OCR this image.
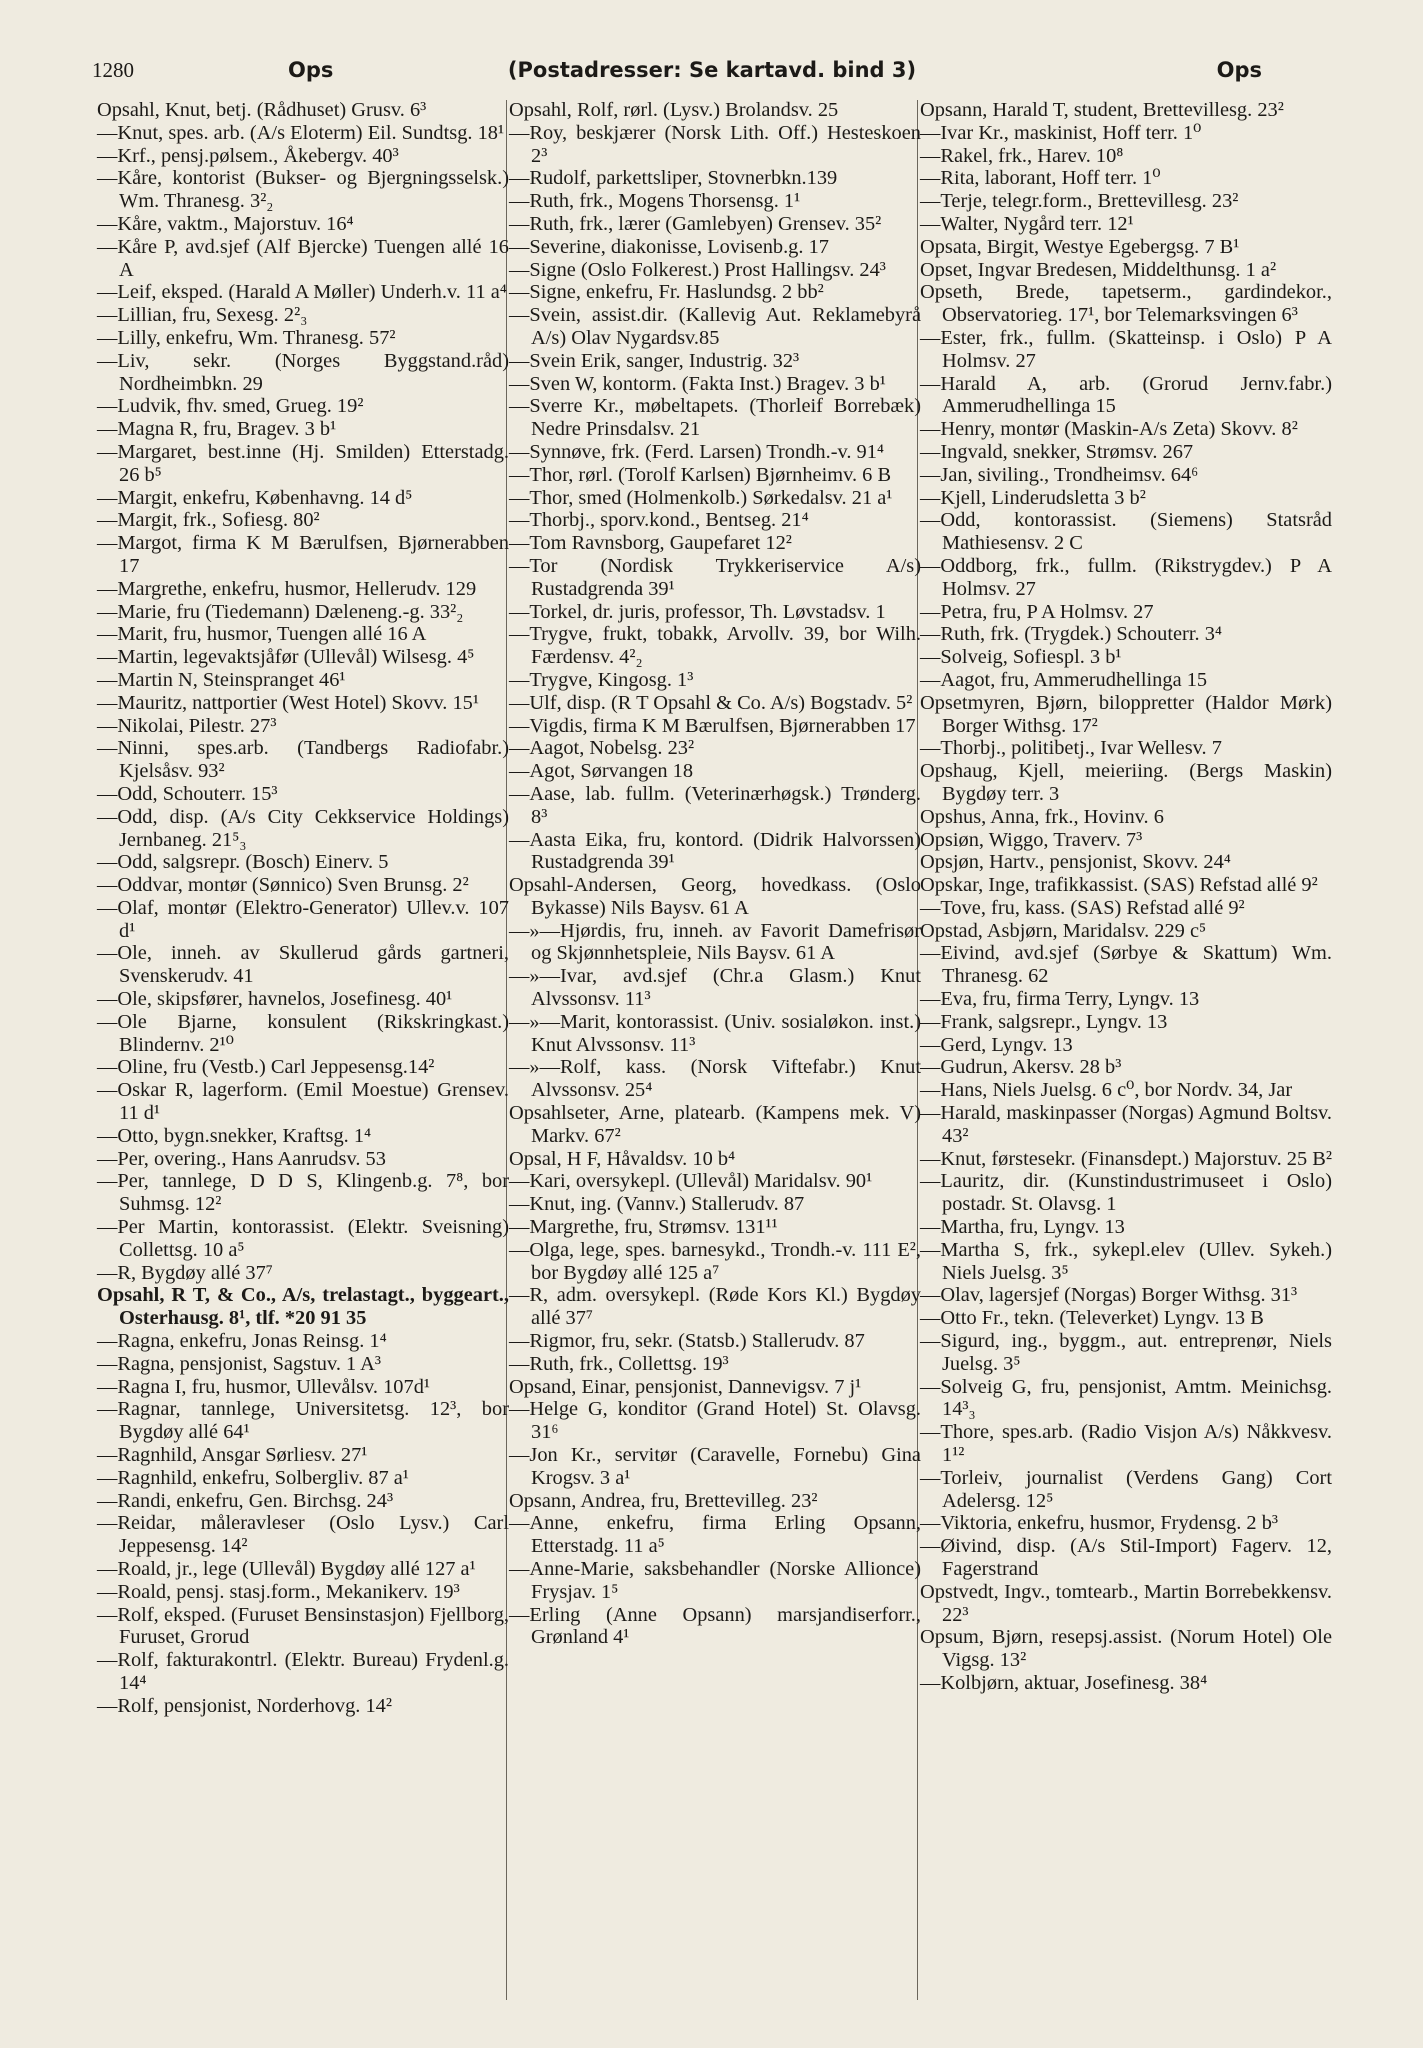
1280	Ops	(Postadresser: Se kartavd. bind 3)	Ops

Opsahl, Knut, betj. (Rådhuset) Grusv. 6³

—Knut, spes. arb. (A/s Eloterm) Eil. Sundtsg. 18¹

—Krf., pensj.pølsem., Åkebergv. 40³

—Kåre, kontorist (Bukser- og Bjergningsselsk.) Wm. Thranesg. 3²₂

—Kåre, vaktm., Majorstuv. 16⁴

—Kåre P, avd.sjef (Alf Bjercke) Tuengen allé 16 A

—Leif, eksped. (Harald A Møller) Underh.v. 11 a⁴

—Lillian, fru, Sexesg. 2²₃

—Lilly, enkefru, Wm. Thranesg. 57²

—Liv, sekr. (Norges Byggstand.råd) Nordheimbkn. 29

—Ludvik, fhv. smed, Grueg. 19²

—Magna R, fru, Bragev. 3 b¹

—Margaret, best.inne (Hj. Smilden) Etterstadg. 26 b⁵

—Margit, enkefru, Københavng. 14 d⁵

—Margit, frk., Sofiesg. 80²

—Margot, firma K M Bærulfsen, Bjørnerabben 17

—Margrethe, enkefru, husmor, Hellerudv. 129

—Marie, fru (Tiedemann) Dæleneng.-g. 33²₂

—Marit, fru, husmor, Tuengen allé 16 A

—Martin, legevaktsjåfør (Ullevål) Wilsesg. 4⁵

—Martin N, Steinspranget 46¹

—Mauritz, nattportier (West Hotel) Skovv. 15¹

—Nikolai, Pilestr. 27³

—Ninni, spes.arb. (Tandbergs Radiofabr.) Kjelsåsv. 93²

—Odd, Schouterr. 15³

—Odd, disp. (A/s City Cekkservice Holdings) Jernbaneg. 21⁵₃

—Odd, salgsrepr. (Bosch) Einerv. 5

—Oddvar, montør (Sønnico) Sven Brunsg. 2²

—Olaf, montør (Elektro-Generator) Ullev.v. 107 d¹

—Ole, inneh. av Skullerud gårds gartneri, Svenskerudv. 41

—Ole, skipsfører, havnelos, Josefinesg. 40¹

—Ole Bjarne, konsulent (Rikskringkast.) Blindernv. 2¹⁰

—Oline, fru (Vestb.) Carl Jeppesensg.14²

—Oskar R, lagerform. (Emil Moestue) Grensev. 11 d¹

—Otto, bygn.snekker, Kraftsg. 1⁴

—Per, overing., Hans Aanrudsv. 53

—Per, tannlege, D D S, Klingenb.g. 7⁸, bor Suhmsg. 12²

—Per Martin, kontorassist. (Elektr. Sveisning) Collettsg. 10 a⁵

—R, Bygdøy allé 37⁷

Opsahl, R T, & Co., A/s, trelastagt., byggeart., Osterhausg. 8¹, tlf. *20 91 35

—Ragna, enkefru, Jonas Reinsg. 1⁴

—Ragna, pensjonist, Sagstuv. 1 A³

—Ragna I, fru, husmor, Ullevålsv. 107d¹

—Ragnar, tannlege, Universitetsg. 12³, bor Bygdøy allé 64¹

—Ragnhild, Ansgar Sørliesv. 27¹

—Ragnhild, enkefru, Solbergliv. 87 a¹

—Randi, enkefru, Gen. Birchsg. 24³

—Reidar, måleravleser (Oslo Lysv.) Carl Jeppesensg. 14²

—Roald, jr., lege (Ullevål) Bygdøy allé 127 a¹

—Roald, pensj. stasj.form., Mekanikerv. 19³

—Rolf, eksped. (Furuset Bensinstasjon) Fjellborg, Furuset, Grorud

—Rolf, fakturakontrl. (Elektr. Bureau) Frydenl.g. 14⁴

—Rolf, pensjonist, Norderhovg. 14²

Opsahl, Rolf, rørl. (Lysv.) Brolandsv. 25

—Roy, beskjærer (Norsk Lith. Off.) Hesteskoen 2³

—Rudolf, parkettsliper, Stovnerbkn.139

—Ruth, frk., Mogens Thorsensg. 1¹

—Ruth, frk., lærer (Gamlebyen) Grensev. 35²

—Severine, diakonisse, Lovisenb.g. 17

—Signe (Oslo Folkerest.) Prost Hallingsv. 24³

—Signe, enkefru, Fr. Haslundsg. 2 bb²

—Svein, assist.dir. (Kallevig Aut. Reklamebyrå A/s) Olav Nygardsv.85

—Svein Erik, sanger, Industrig. 32³

—Sven W, kontorm. (Fakta Inst.) Bragev. 3 b¹

—Sverre Kr., møbeltapets. (Thorleif Borrebæk) Nedre Prinsdalsv. 21

—Synnøve, frk. (Ferd. Larsen) Trondh.-v. 91⁴

—Thor, rørl. (Torolf Karlsen) Bjørnheimv. 6 B

—Thor, smed (Holmenkolb.) Sørkedalsv. 21 a¹

—Thorbj., sporv.kond., Bentseg. 21⁴

—Tom Ravnsborg, Gaupefaret 12²

—Tor (Nordisk Trykkeriservice A/s) Rustadgrenda 39¹

—Torkel, dr. juris, professor, Th. Løvstadsv. 1

—Trygve, frukt, tobakk, Arvollv. 39, bor Wilh. Færdensv. 4²₂

—Trygve, Kingosg. 1³

—Ulf, disp. (R T Opsahl & Co. A/s) Bogstadv. 5²

—Vigdis, firma K M Bærulfsen, Bjørnerabben 17

—Aagot, Nobelsg. 23²

—Agot, Sørvangen 18

—Aase, lab. fullm. (Veterinærhøgsk.) Trønderg. 8³

—Aasta Eika, fru, kontord. (Didrik Halvorssen) Rustadgrenda 39¹

Opsahl-Andersen, Georg, hovedkass. (Oslo Bykasse) Nils Baysv. 61 A

—»—Hjørdis, fru, inneh. av Favorit Damefrisør og Skjønnhetspleie, Nils Baysv. 61 A

—»—Ivar, avd.sjef (Chr.a Glasm.) Knut Alvssonsv. 11³

—»—Marit, kontorassist. (Univ. sosialøkon. inst.) Knut Alvssonsv. 11³

—»—Rolf, kass. (Norsk Viftefabr.) Knut Alvssonsv. 25⁴

Opsahlseter, Arne, platearb. (Kampens mek. V) Markv. 67²

Opsal, H F, Håvaldsv. 10 b⁴

—Kari, oversykepl. (Ullevål) Maridalsv. 90¹

—Knut, ing. (Vannv.) Stallerudv. 87

—Margrethe, fru, Strømsv. 131¹¹

—Olga, lege, spes. barnesykd., Trondh.-v. 111 E², bor Bygdøy allé 125 a⁷

—R, adm. oversykepl. (Røde Kors Kl.) Bygdøy allé 37⁷

—Rigmor, fru, sekr. (Statsb.) Stallerudv. 87

—Ruth, frk., Collettsg. 19³

Opsand, Einar, pensjonist, Dannevigsv. 7 j¹

—Helge G, konditor (Grand Hotel) St. Olavsg. 31⁶

—Jon Kr., servitør (Caravelle, Fornebu) Gina Krogsv. 3 a¹

Opsann, Andrea, fru, Brettevilleg. 23²

—Anne, enkefru, firma Erling Opsann, Etterstadg. 11 a⁵

—Anne-Marie, saksbehandler (Norske Allionce) Frysjav. 1⁵

—Erling (Anne Opsann) marsjandiserforr., Grønland 4¹

Opsann, Harald T, student, Brettevillesg. 23²

—Ivar Kr., maskinist, Hoff terr. 1⁰

—Rakel, frk., Harev. 10⁸

—Rita, laborant, Hoff terr. 1⁰

—Terje, telegr.form., Brettevillesg. 23²

—Walter, Nygård terr. 12¹

Opsata, Birgit, Westye Egebergsg. 7 B¹

Opset, Ingvar Bredesen, Middelthunsg. 1 a²

Opseth, Brede, tapetserm., gardindekor., Observatorieg. 17¹, bor Telemarksvingen 6³

—Ester, frk., fullm. (Skatteinsp. i Oslo) P A Holmsv. 27

—Harald A, arb. (Grorud Jernv.fabr.) Ammerudhellinga 15

—Henry, montør (Maskin-A/s Zeta) Skovv. 8²

—Ingvald, snekker, Strømsv. 267

—Jan, siviling., Trondheimsv. 64⁶

—Kjell, Linderudsletta 3 b²

—Odd, kontorassist. (Siemens) Statsråd Mathiesensv. 2 C

—Oddborg, frk., fullm. (Rikstrygdev.) P A Holmsv. 27

—Petra, fru, P A Holmsv. 27

—Ruth, frk. (Trygdek.) Schouterr. 3⁴

—Solveig, Sofiespl. 3 b¹

—Aagot, fru, Ammerudhellinga 15

Opsetmyren, Bjørn, biloppretter (Haldor Mørk) Borger Withsg. 17²

—Thorbj., politibetj., Ivar Wellesv. 7

Opshaug, Kjell, meieriing. (Bergs Maskin) Bygdøy terr. 3

Opshus, Anna, frk., Hovinv. 6

Opsiøn, Wiggo, Traverv. 7³

Opsjøn, Hartv., pensjonist, Skovv. 24⁴

Opskar, Inge, trafikkassist. (SAS) Refstad allé 9²

—Tove, fru, kass. (SAS) Refstad allé 9²

Opstad, Asbjørn, Maridalsv. 229 c⁵

—Eivind, avd.sjef (Sørbye & Skattum) Wm. Thranesg. 62

—Eva, fru, firma Terry, Lyngv. 13

—Frank, salgsrepr., Lyngv. 13

—Gerd, Lyngv. 13

—Gudrun, Akersv. 28 b³

—Hans, Niels Juelsg. 6 c⁰, bor Nordv. 34, Jar

—Harald, maskinpasser (Norgas) Agmund Boltsv. 43²

—Knut, førstesekr. (Finansdept.) Majorstuv. 25 B²

—Lauritz, dir. (Kunstindustrimuseet i Oslo) postadr. St. Olavsg. 1

—Martha, fru, Lyngv. 13

—Martha S, frk., sykepl.elev (Ullev. Sykeh.) Niels Juelsg. 3⁵

—Olav, lagersjef (Norgas) Borger Withsg. 31³

—Otto Fr., tekn. (Televerket) Lyngv. 13 B

—Sigurd, ing., byggm., aut. entreprenør, Niels Juelsg. 3⁵

—Solveig G, fru, pensjonist, Amtm. Meinichsg. 14³₃

—Thore, spes.arb. (Radio Visjon A/s) Nåkkvesv. 1¹²

—Torleiv, journalist (Verdens Gang) Cort Adelersg. 12⁵

—Viktoria, enkefru, husmor, Frydensg. 2 b³

—Øivind, disp. (A/s Stil-Import) Fagerv. 12, Fagerstrand

Opstvedt, Ingv., tomtearb., Martin Borrebekkensv. 22³

Opsum, Bjørn, resepsj.assist. (Norum Hotel) Ole Vigsg. 13²

—Kolbjørn, aktuar, Josefinesg. 38⁴
